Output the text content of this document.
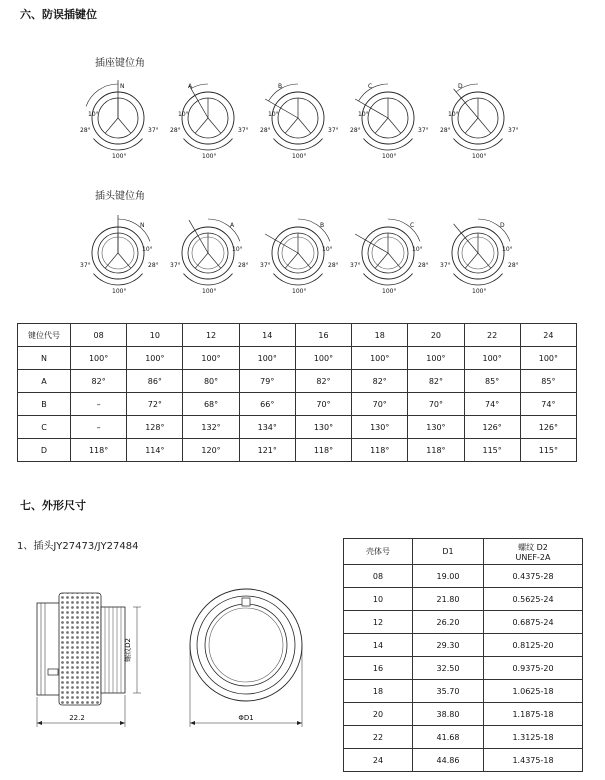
六、防误插键位
插座键位角
N
10°
28°	37°
100°
A
10°
28°	37°
100°
B
10°
28°	37°
100°
C
10°
28°	37°
100°
D
10°
28°	37°
100°
插头键位角
N
10°
37°	28°
100°
A
10°
37°	28°
100°
B
10°
37°	28°
100°
C
10°
37°	28°
100°
D
10°
37°	28°
100°
键位代号	08	10	12	14	16	18	20	22	24
N	100°	100°	100°	100°	100°	100°	100°	100°	100°
A	82°	86°	80°	79°	82°	82°	82°	85°	85°
B	–	72°	68°	66°	70°	70°	70°	74°	74°
C	–	128°	132°	134°	130°	130°	130°	126°	126°
D	118°	114°	120°	121°	118°	118°	118°	115°	115°
七、外形尺寸
1、插头JY27473/JY27484
螺纹D2
22.2	ΦD1
壳体号	D1	螺纹 D2
UNEF-2A

08	19.00	0.4375-28
10	21.80	0.5625-24
12	26.20	0.6875-24
14	29.30	0.8125-20
16	32.50	0.9375-20
18	35.70	1.0625-18
20	38.80	1.1875-18
22	41.68	1.3125-18
24	44.86	1.4375-18
